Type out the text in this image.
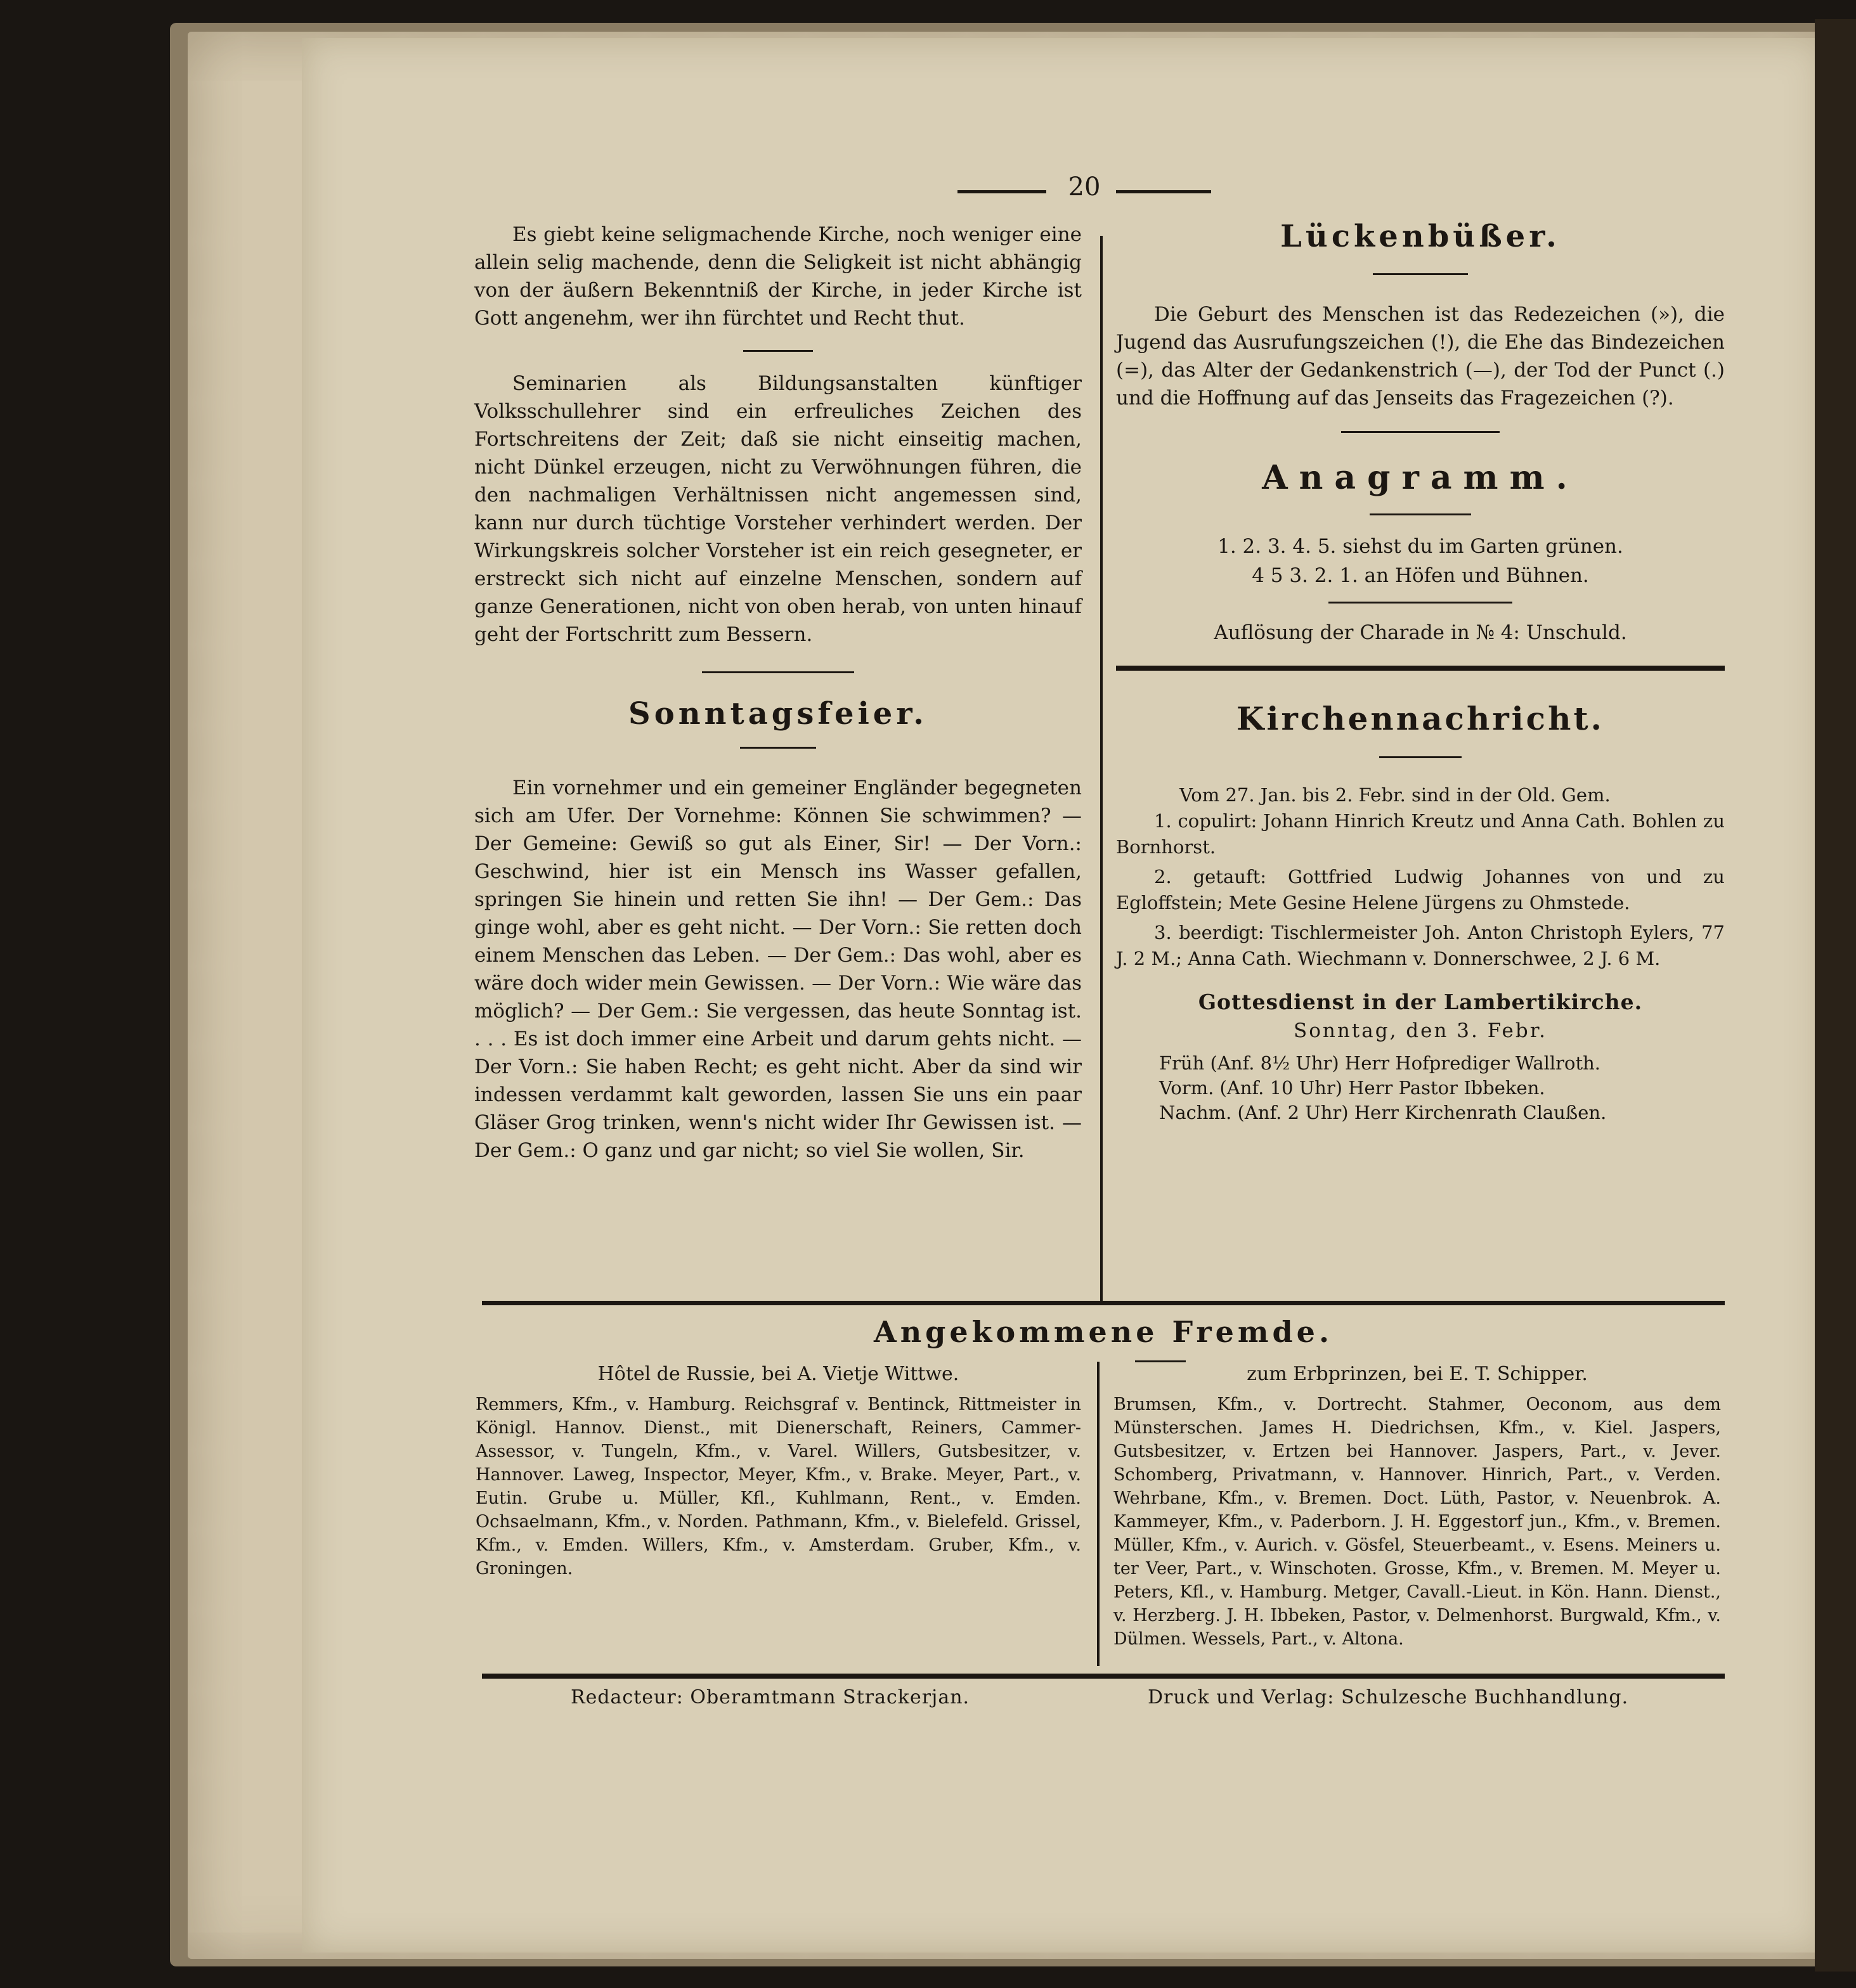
20

Es giebt keine seligmachende Kirche, noch weniger eine allein selig machende, denn die Seligkeit ist nicht abhängig von der äußern Bekenntniß der Kirche, in jeder Kirche ist Gott angenehm, wer ihn fürchtet und Recht thut.

Seminarien als Bildungsanstalten künftiger Volksschullehrer sind ein erfreuliches Zeichen des Fortschreitens der Zeit; daß sie nicht einseitig machen, nicht Dünkel erzeugen, nicht zu Verwöhnungen führen, die den nachmaligen Verhältnissen nicht angemessen sind, kann nur durch tüchtige Vorsteher verhindert werden. Der Wirkungskreis solcher Vorsteher ist ein reich gesegneter, er erstreckt sich nicht auf einzelne Menschen, sondern auf ganze Generationen, nicht von oben herab, von unten hinauf geht der Fortschritt zum Bessern.

Sonntagsfeier.

Ein vornehmer und ein gemeiner Engländer begegneten sich am Ufer. Der Vornehme: Können Sie schwimmen? — Der Gemeine: Gewiß so gut als Einer, Sir! — Der Vorn.: Geschwind, hier ist ein Mensch ins Wasser gefallen, springen Sie hinein und retten Sie ihn! — Der Gem.: Das ginge wohl, aber es geht nicht. — Der Vorn.: Sie retten doch einem Menschen das Leben. — Der Gem.: Das wohl, aber es wäre doch wider mein Gewissen. — Der Vorn.: Wie wäre das möglich? — Der Gem.: Sie vergessen, das heute Sonntag ist. . . . Es ist doch immer eine Arbeit und darum gehts nicht. — Der Vorn.: Sie haben Recht; es geht nicht. Aber da sind wir indessen verdammt kalt geworden, lassen Sie uns ein paar Gläser Grog trinken, wenn's nicht wider Ihr Gewissen ist. — Der Gem.: O ganz und gar nicht; so viel Sie wollen, Sir.

Lückenbüßer.

Die Geburt des Menschen ist das Redezeichen (»), die Jugend das Ausrufungszeichen (!), die Ehe das Bindezeichen (=), das Alter der Gedankenstrich (—), der Tod der Punct (.) und die Hoffnung auf das Jenseits das Fragezeichen (?).

Anagramm.
1. 2. 3. 4. 5. siehst du im Garten grünen.
4 5 3. 2. 1. an Höfen und Bühnen.
Auflösung der Charade in № 4: Unschuld.
Kirchennachricht.
Vom 27. Jan. bis 2. Febr. sind in der Old. Gem.
1. copulirt: Johann Hinrich Kreutz und Anna Cath. Bohlen zu Bornhorst.
2. getauft: Gottfried Ludwig Johannes von und zu Egloffstein; Mete Gesine Helene Jürgens zu Ohmstede.
3. beerdigt: Tischlermeister Joh. Anton Christoph Eylers, 77 J. 2 M.; Anna Cath. Wiechmann v. Donnerschwee, 2 J. 6 M.
Gottesdienst in der Lambertikirche.
Sonntag, den 3. Febr.
Früh (Anf. 8½ Uhr) Herr Hofprediger Wallroth.
Vorm. (Anf. 10 Uhr) Herr Pastor Ibbeken.
Nachm. (Anf. 2 Uhr) Herr Kirchenrath Claußen.
Angekommene Fremde.
Hôtel de Russie, bei A. Vietje Wittwe.

Remmers, Kfm., v. Hamburg. Reichsgraf v. Bentinck, Rittmeister in Königl. Hannov. Dienst., mit Dienerschaft, Reiners, Cammer-Assessor, v. Tungeln, Kfm., v. Varel. Willers, Gutsbesitzer, v. Hannover. Laweg, Inspector, Meyer, Kfm., v. Brake. Meyer, Part., v. Eutin. Grube u. Müller, Kfl., Kuhlmann, Rent., v. Emden. Ochsaelmann, Kfm., v. Norden. Pathmann, Kfm., v. Bielefeld. Grissel, Kfm., v. Emden. Willers, Kfm., v. Amsterdam. Gruber, Kfm., v. Groningen.

zum Erbprinzen, bei E. T. Schipper.

Brumsen, Kfm., v. Dortrecht. Stahmer, Oeconom, aus dem Münsterschen. James H. Diedrichsen, Kfm., v. Kiel. Jaspers, Gutsbesitzer, v. Ertzen bei Hannover. Jaspers, Part., v. Jever. Schomberg, Privatmann, v. Hannover. Hinrich, Part., v. Verden. Wehrbane, Kfm., v. Bremen. Doct. Lüth, Pastor, v. Neuenbrok. A. Kammeyer, Kfm., v. Paderborn. J. H. Eggestorf jun., Kfm., v. Bremen. Müller, Kfm., v. Aurich. v. Gösfel, Steuerbeamt., v. Esens. Meiners u. ter Veer, Part., v. Winschoten. Grosse, Kfm., v. Bremen. M. Meyer u. Peters, Kfl., v. Hamburg. Metger, Cavall.-Lieut. in Kön. Hann. Dienst., v. Herzberg. J. H. Ibbeken, Pastor, v. Delmenhorst. Burgwald, Kfm., v. Dülmen. Wessels, Part., v. Altona.

Redacteur: Oberamtmann Strackerjan.	Druck und Verlag: Schulzesche Buchhandlung.
